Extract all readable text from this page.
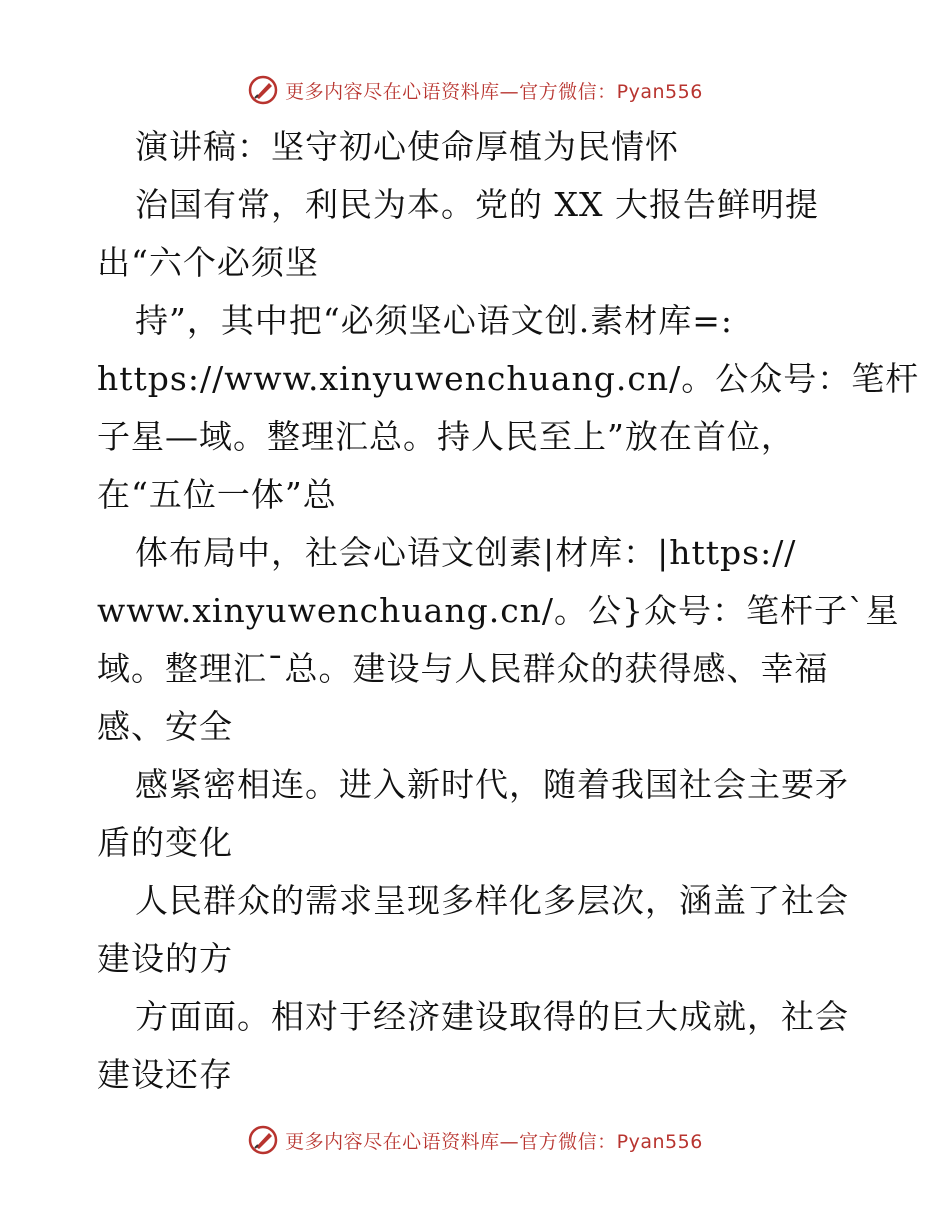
更多内容尽在心语资料库—官方微信：Pyan556
演讲稿：坚守初心使命厚植为民情怀
治国有常，利民为本。党的 XX 大报告鲜明提
出“六个必须坚
持”，其中把“必须坚心语文创.素材库=:
https://www.xinyuwenchuang.cn/。公众号：笔杆
子星—域。整理汇总。持人民至上”放在首位，
在“五位一体”总
体布局中，社会心语文创素|材库：|https://
www.xinyuwenchuang.cn/。公}众号：笔杆子`星
域。整理汇¯总。建设与人民群众的获得感、幸福
感、安全
感紧密相连。进入新时代，随着我国社会主要矛
盾的变化
人民群众的需求呈现多样化多层次，涵盖了社会
建设的方
方面面。相对于经济建设取得的巨大成就，社会
建设还存
更多内容尽在心语资料库—官方微信：Pyan556
